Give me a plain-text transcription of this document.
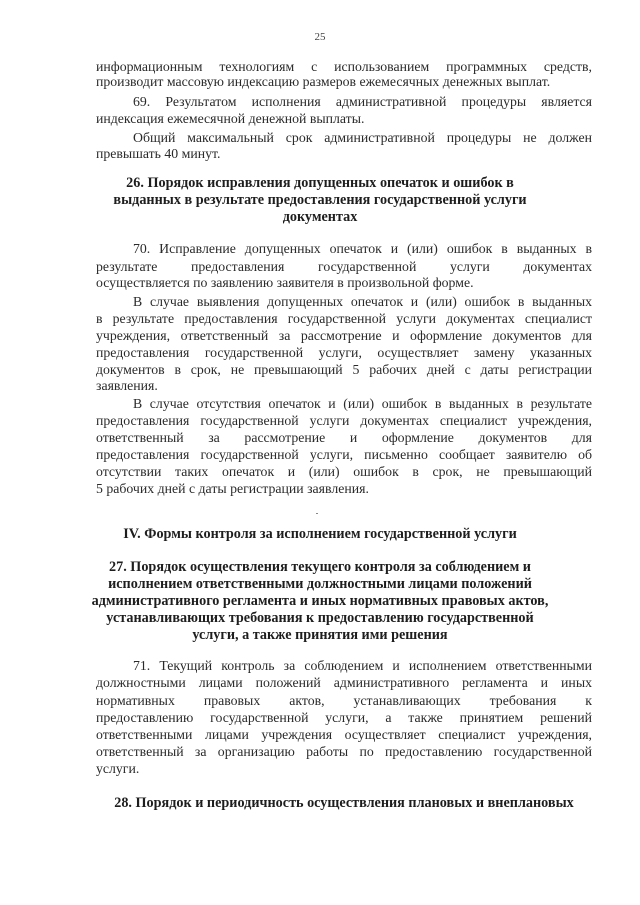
25
информационным технологиям с использованием программных средств,
производит массовую индексацию размеров ежемесячных денежных выплат.
69. Результатом исполнения административной процедуры является
индексация ежемесячной денежной выплаты.
Общий максимальный срок административной процедуры не должен
превышать 40 минут.
26. Порядок исправления допущенных опечаток и ошибок в
выданных в результате предоставления государственной услуги
документах
70. Исправление допущенных опечаток и (или) ошибок в выданных в
результате предоставления государственной услуги документах
осуществляется по заявлению заявителя в произвольной форме.
В случае выявления допущенных опечаток и (или) ошибок в выданных
в результате предоставления государственной услуги документах специалист
учреждения, ответственный за рассмотрение и оформление документов для
предоставления государственной услуги, осуществляет замену указанных
документов в срок, не превышающий 5 рабочих дней с даты регистрации
заявления.
В случае отсутствия опечаток и (или) ошибок в выданных в результате
предоставления государственной услуги документах специалист учреждения,
ответственный за рассмотрение и оформление документов для
предоставления государственной услуги, письменно сообщает заявителю об
отсутствии таких опечаток и (или) ошибок в срок, не превышающий
5 рабочих дней с даты регистрации заявления.
IV. Формы контроля за исполнением государственной услуги
27. Порядок осуществления текущего контроля за соблюдением и
исполнением ответственными должностными лицами положений
административного регламента и иных нормативных правовых актов,
устанавливающих требования к предоставлению государственной
услуги, а также принятия ими решения
71. Текущий контроль за соблюдением и исполнением ответственными
должностными лицами положений административного регламента и иных
нормативных правовых актов, устанавливающих требования к
предоставлению государственной услуги, а также принятием решений
ответственными лицами учреждения осуществляет специалист учреждения,
ответственный за организацию работы по предоставлению государственной
услуги.
28. Порядок и периодичность осуществления плановых и внеплановых
